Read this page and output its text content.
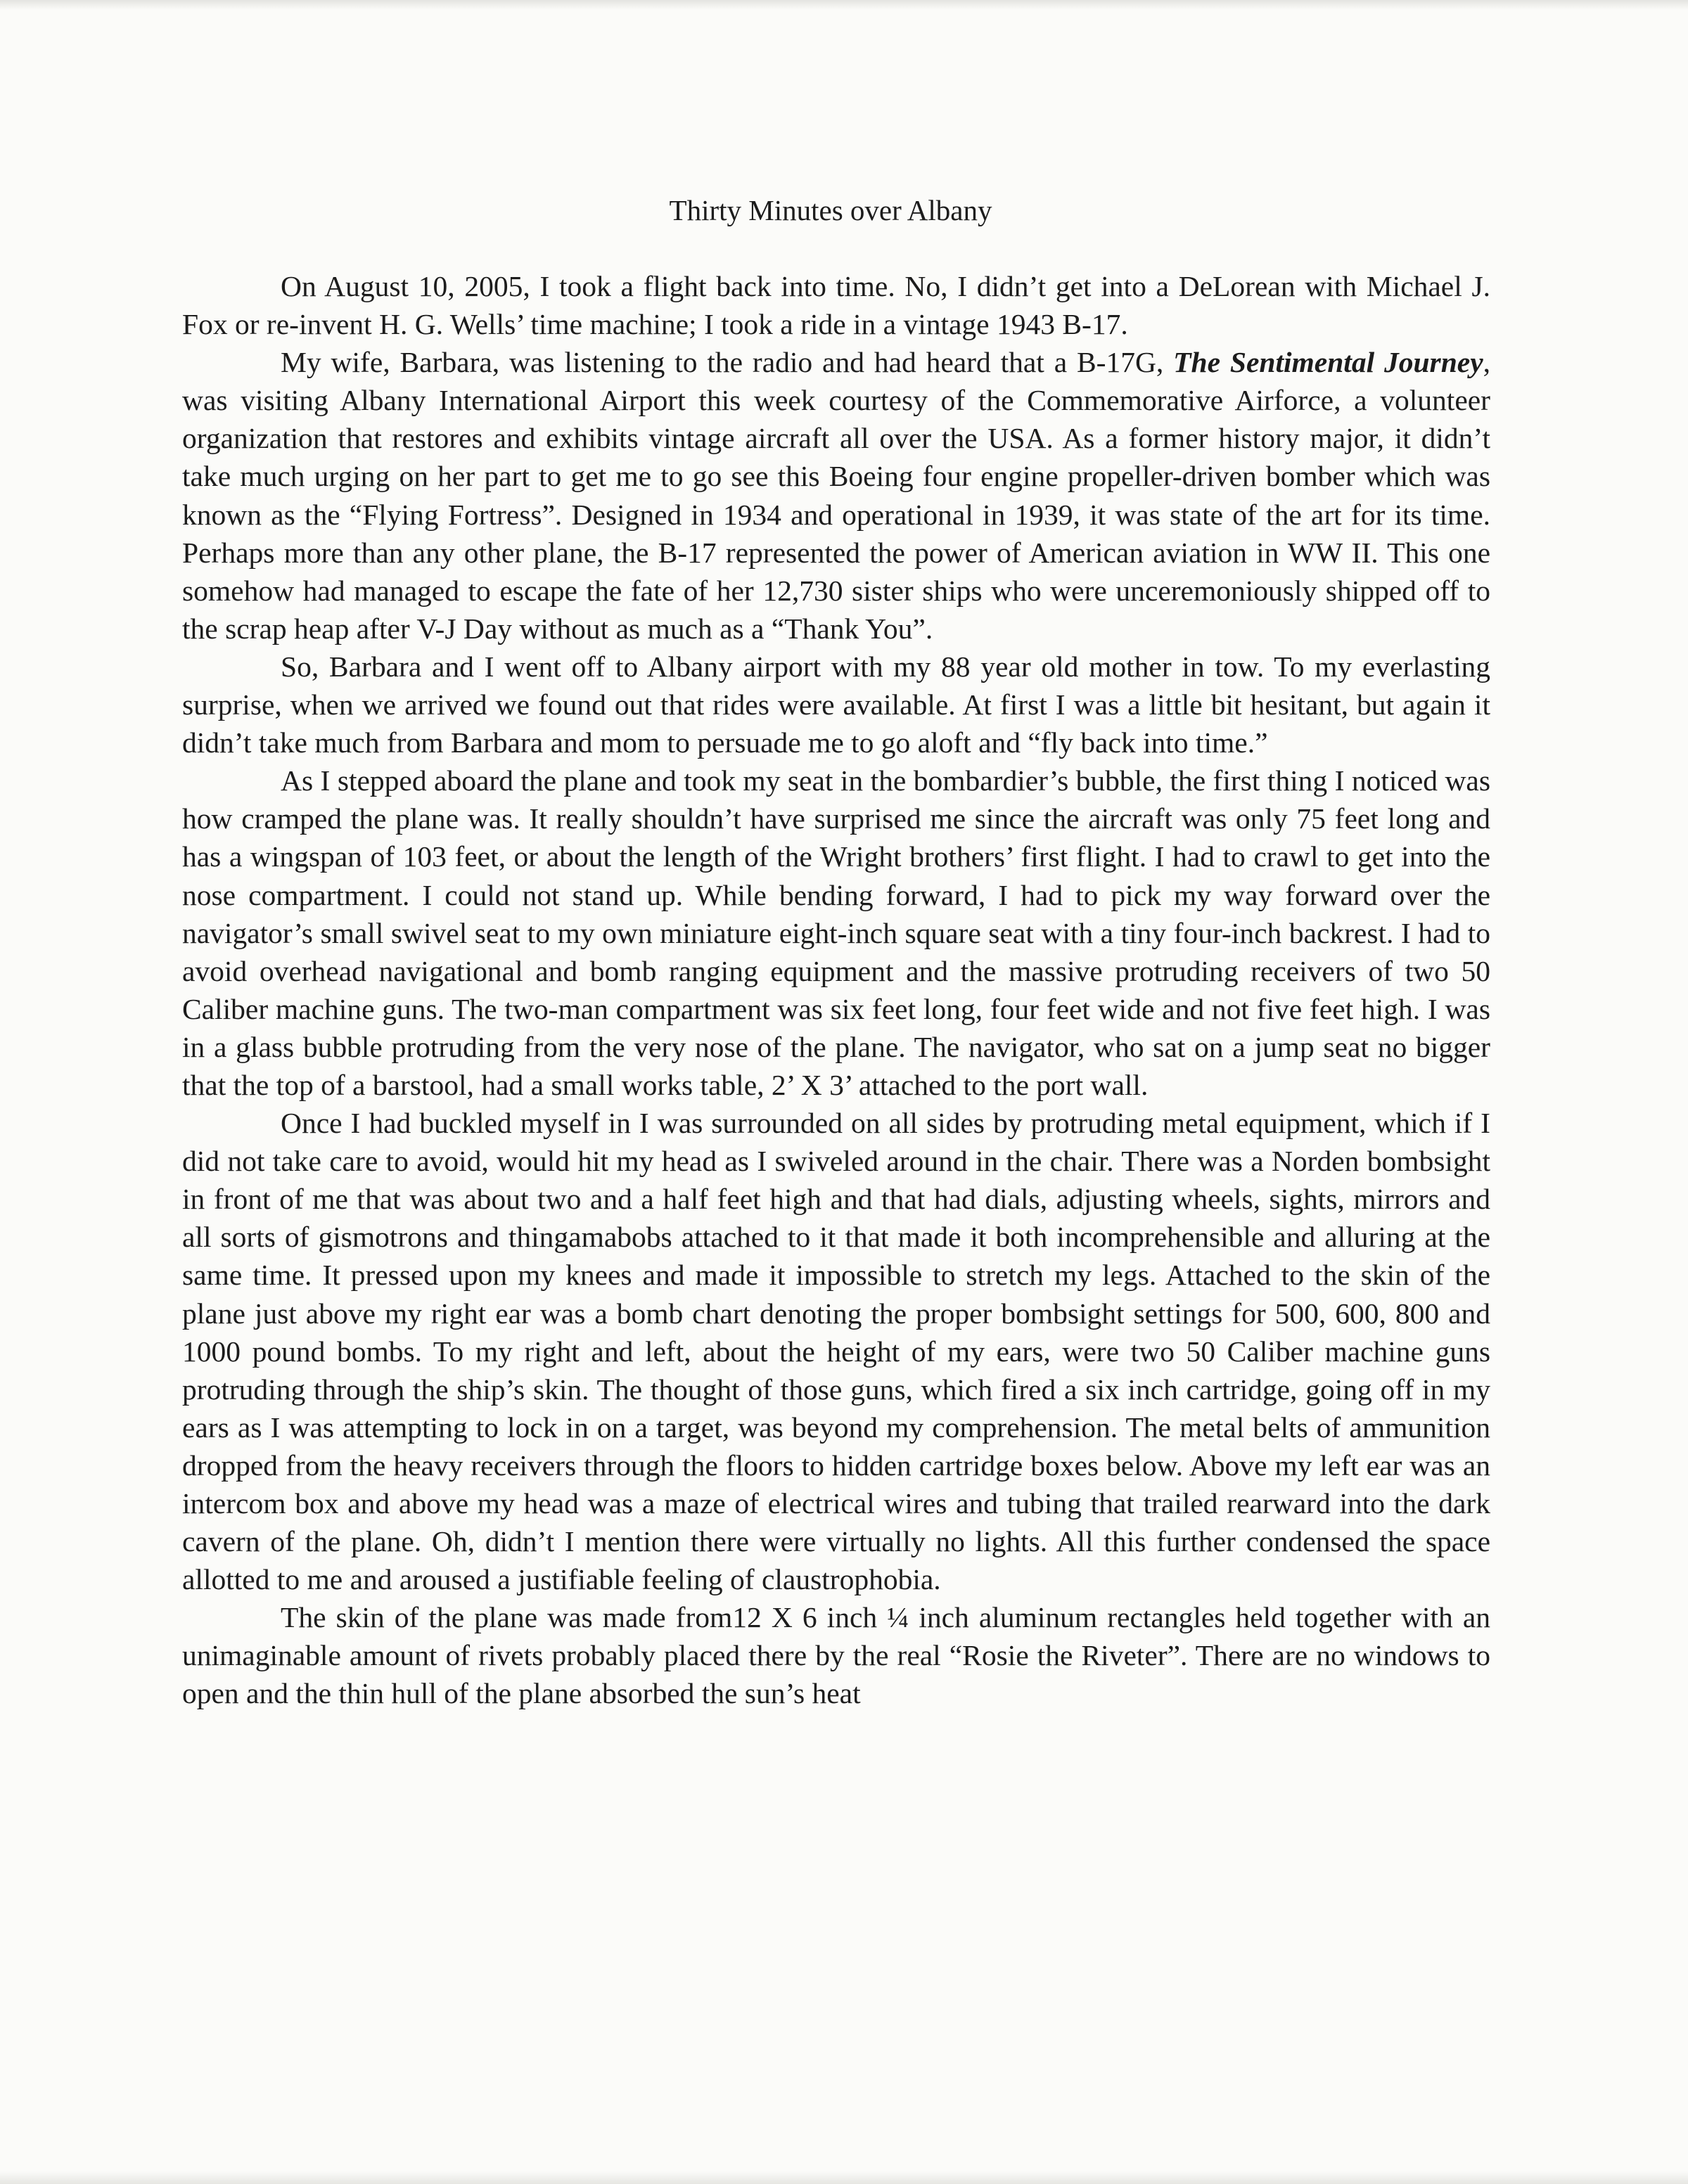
Thirty Minutes over Albany

On August 10, 2005, I took a flight back into time. No, I didn’t get into a DeLorean with Michael J. Fox or re-invent H. G. Wells’ time machine; I took a ride in a vintage 1943 B-17.

My wife, Barbara, was listening to the radio and had heard that a B-17G, The Sentimental Journey, was visiting Albany International Airport this week courtesy of the Commemorative Airforce, a volunteer organization that restores and exhibits vintage aircraft all over the USA. As a former history major, it didn’t take much urging on her part to get me to go see this Boeing four engine propeller-driven bomber which was known as the “Flying Fortress”. Designed in 1934 and operational in 1939, it was state of the art for its time. Perhaps more than any other plane, the B-17 represented the power of American aviation in WW II. This one somehow had managed to escape the fate of her 12,730 sister ships who were unceremoniously shipped off to the scrap heap after V-J Day without as much as a “Thank You”.

So, Barbara and I went off to Albany airport with my 88 year old mother in tow. To my everlasting surprise, when we arrived we found out that rides were available. At first I was a little bit hesitant, but again it didn’t take much from Barbara and mom to persuade me to go aloft and “fly back into time.”

As I stepped aboard the plane and took my seat in the bombardier’s bubble, the first thing I noticed was how cramped the plane was. It really shouldn’t have surprised me since the aircraft was only 75 feet long and has a wingspan of 103 feet, or about the length of the Wright brothers’ first flight. I had to crawl to get into the nose compartment. I could not stand up. While bending forward, I had to pick my way forward over the navigator’s small swivel seat to my own miniature eight-inch square seat with a tiny four-inch backrest. I had to avoid overhead navigational and bomb ranging equipment and the massive protruding receivers of two 50 Caliber machine guns. The two-man compartment was six feet long, four feet wide and not five feet high. I was in a glass bubble protruding from the very nose of the plane. The navigator, who sat on a jump seat no bigger that the top of a barstool, had a small works table, 2’ X 3’ attached to the port wall.

Once I had buckled myself in I was surrounded on all sides by protruding metal equipment, which if I did not take care to avoid, would hit my head as I swiveled around in the chair. There was a Norden bombsight in front of me that was about two and a half feet high and that had dials, adjusting wheels, sights, mirrors and all sorts of gismotrons and thingamabobs attached to it that made it both incomprehensible and alluring at the same time. It pressed upon my knees and made it impossible to stretch my legs. Attached to the skin of the plane just above my right ear was a bomb chart denoting the proper bombsight settings for 500, 600, 800 and 1000 pound bombs. To my right and left, about the height of my ears, were two 50 Caliber machine guns protruding through the ship’s skin. The thought of those guns, which fired a six inch cartridge, going off in my ears as I was attempting to lock in on a target, was beyond my comprehension. The metal belts of ammunition dropped from the heavy receivers through the floors to hidden cartridge boxes below. Above my left ear was an intercom box and above my head was a maze of electrical wires and tubing that trailed rearward into the dark cavern of the plane. Oh, didn’t I mention there were virtually no lights. All this further condensed the space allotted to me and aroused a justifiable feeling of claustrophobia.

The skin of the plane was made from12 X 6 inch ¼ inch aluminum rectangles held together with an unimaginable amount of rivets probably placed there by the real “Rosie the Riveter”. There are no windows to open and the thin hull of the plane absorbed the sun’s heat
